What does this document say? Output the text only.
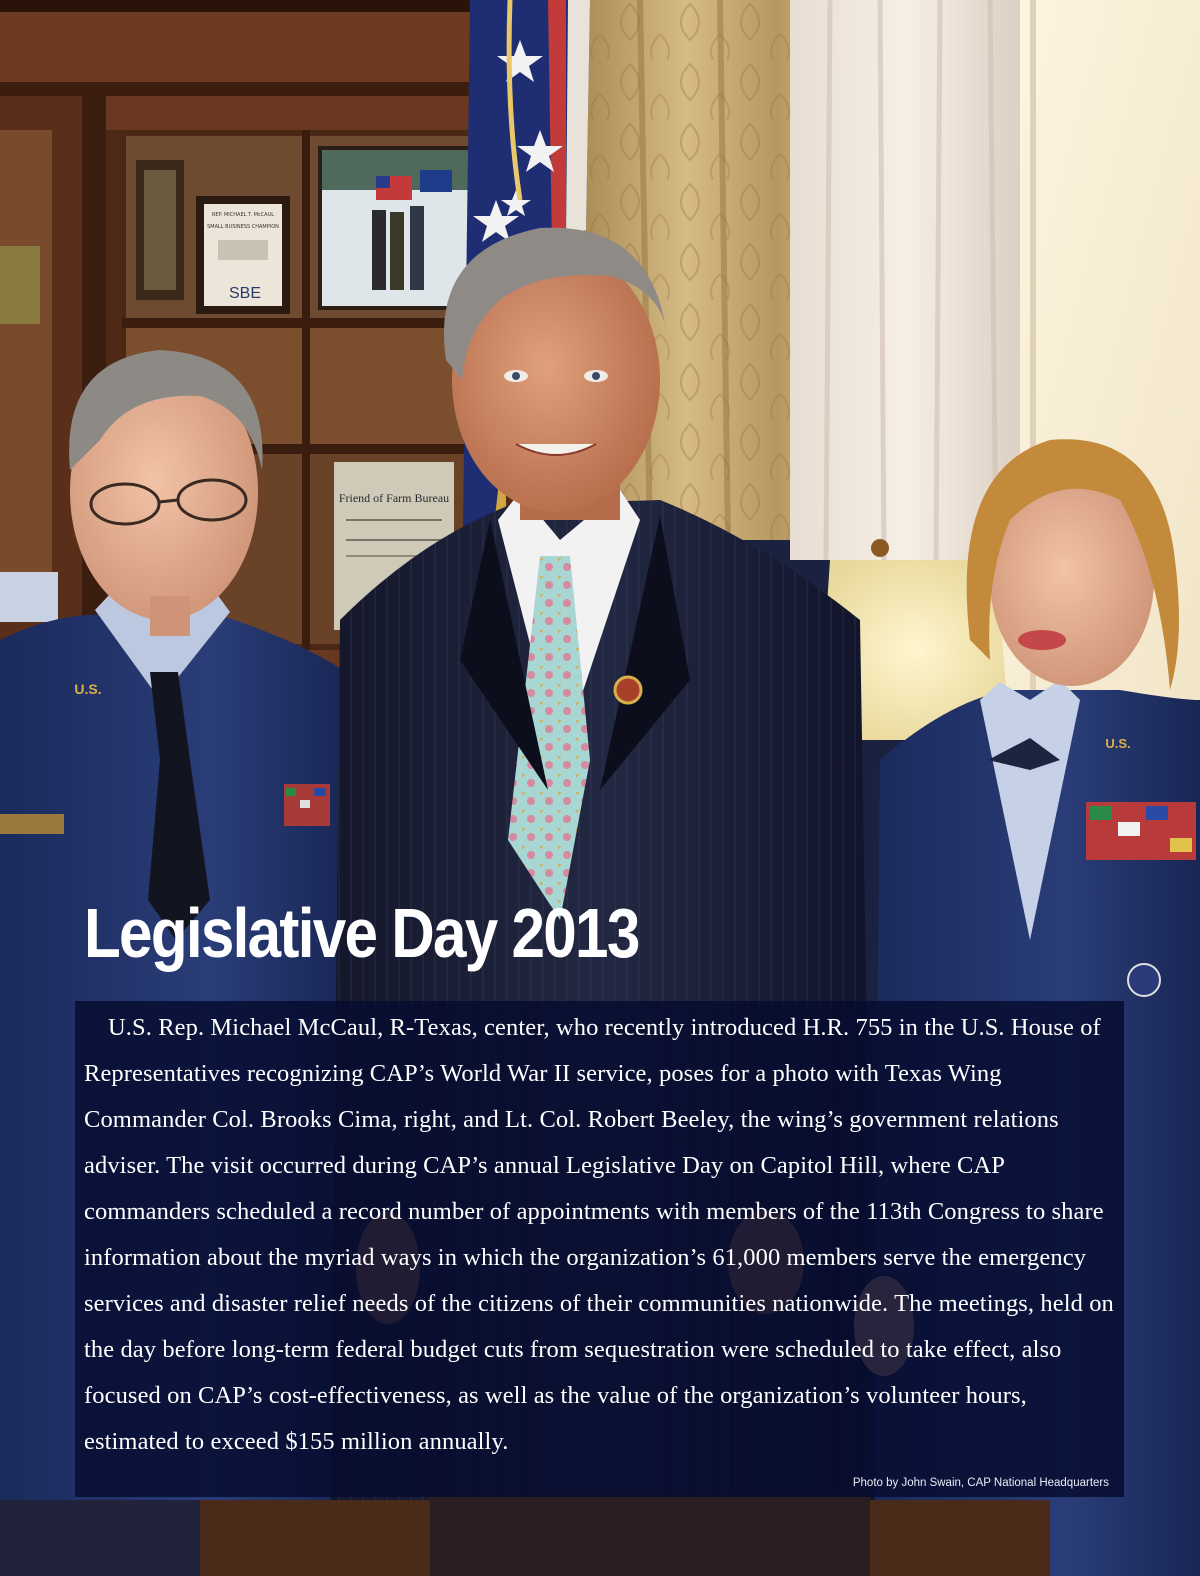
REP. MICHAEL T. McCAUL
SMALL BUSINESS CHAMPION
SBE
Friend of Farm Bureau
U.S.
U.S.
Legislative Day 2013

U.S. Rep. Michael McCaul, R-Texas, center, who recently introduced H.R. 755 in the U.S. House of Representatives recognizing CAP’s World War II service, poses for a photo with Texas Wing Commander Col. Brooks Cima, right, and Lt. Col. Robert Beeley, the wing’s government relations adviser. The visit occurred during CAP’s annual Legislative Day on Capitol Hill, where CAP commanders scheduled a record number of appointments with members of the 113th Congress to share information about the myriad ways in which the organization’s 61,000 members serve the emergency services and disaster relief needs of the citizens of their communities nationwide. The meetings, held on the day before long-term federal budget cuts from sequestration were scheduled to take effect, also focused on CAP’s cost-effectiveness, as well as the value of the organization’s volunteer hours, estimated to exceed $155 million annually.

Photo by John Swain, CAP National Headquarters
